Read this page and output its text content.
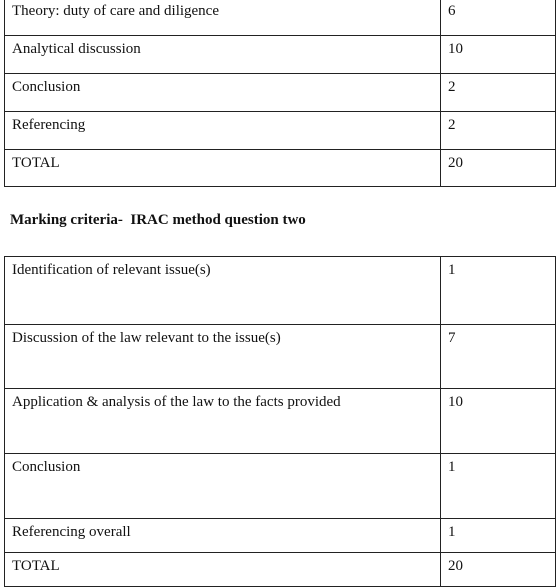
Theory: duty of care and diligence	6
Analytical discussion	10
Conclusion	2
Referencing	2
TOTAL	20
Marking criteria-  IRAC method question two
Identification of relevant issue(s)	1
Discussion of the law relevant to the issue(s)	7
Application & analysis of the law to the facts provided	10
Conclusion	1
Referencing overall	1
TOTAL	20
